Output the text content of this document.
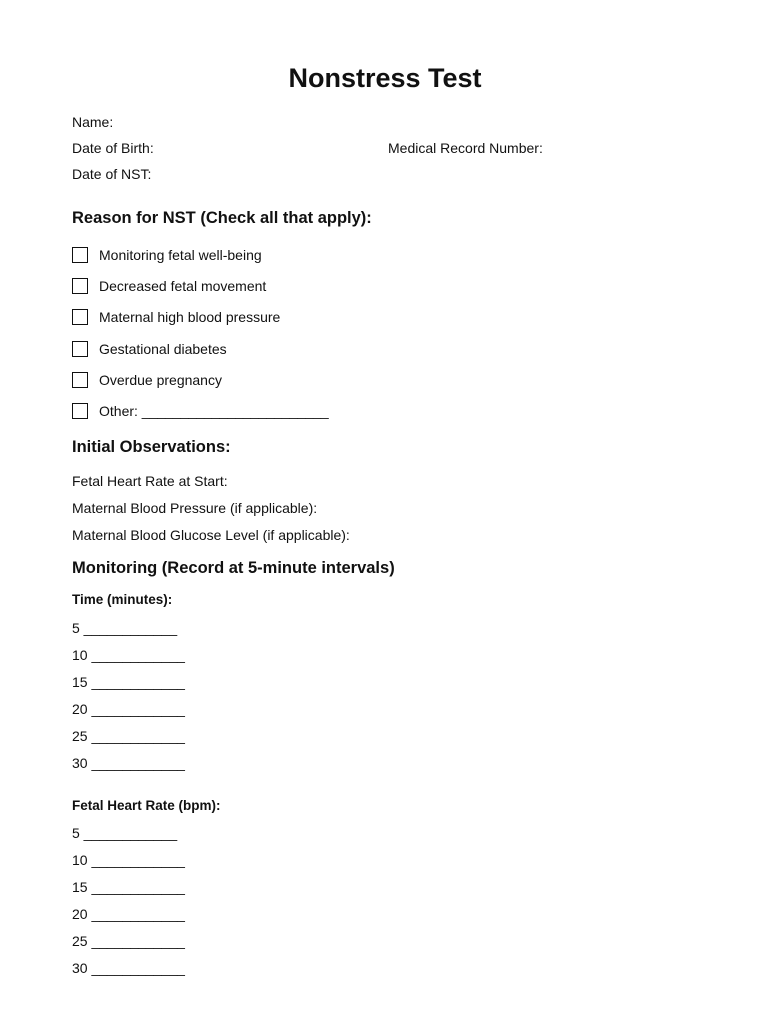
Nonstress Test
Name:
Date of Birth:	Medical Record Number:
Date of NST:
Reason for NST (Check all that apply):
Monitoring fetal well-being
Decreased fetal movement
Maternal high blood pressure
Gestational diabetes
Overdue pregnancy
Other: ________________________
Initial Observations:
Fetal Heart Rate at Start:
Maternal Blood Pressure (if applicable):
Maternal Blood Glucose Level (if applicable):
Monitoring (Record at 5-minute intervals)
Time (minutes):
5 ____________
10 ____________
15 ____________
20 ____________
25 ____________
30 ____________
Fetal Heart Rate (bpm):
5 ____________
10 ____________
15 ____________
20 ____________
25 ____________
30 ____________
